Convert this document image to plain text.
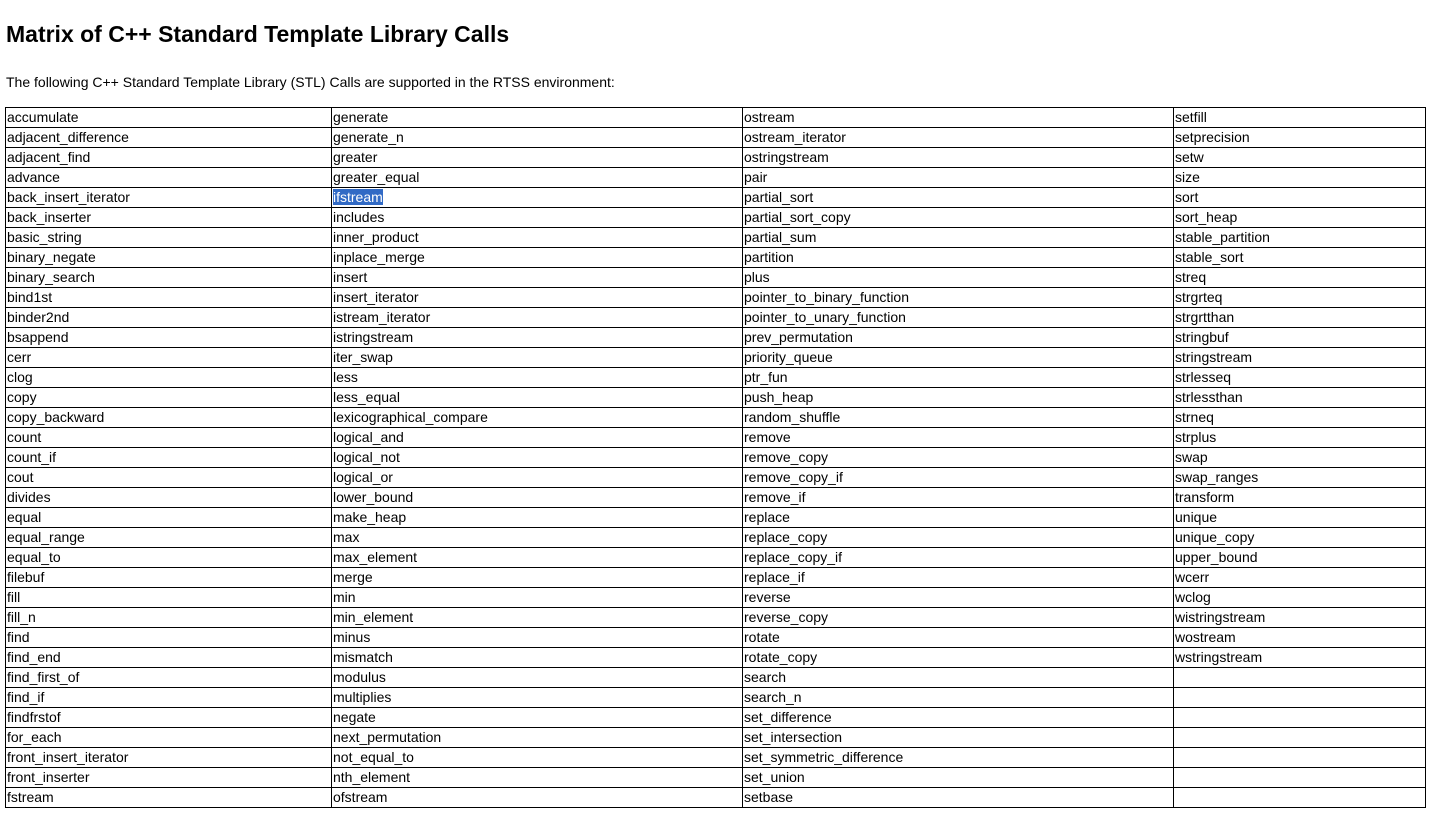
Matrix of C++ Standard Template Library Calls

The following C++ Standard Template Library (STL) Calls are supported in the RTSS environment:

accumulate	generate	ostream	setfill
adjacent_difference	generate_n	ostream_iterator	setprecision
adjacent_find	greater	ostringstream	setw
advance	greater_equal	pair	size
back_insert_iterator	ifstream	partial_sort	sort
back_inserter	includes	partial_sort_copy	sort_heap
basic_string	inner_product	partial_sum	stable_partition
binary_negate	inplace_merge	partition	stable_sort
binary_search	insert	plus	streq
bind1st	insert_iterator	pointer_to_binary_function	strgrteq
binder2nd	istream_iterator	pointer_to_unary_function	strgrtthan
bsappend	istringstream	prev_permutation	stringbuf
cerr	iter_swap	priority_queue	stringstream
clog	less	ptr_fun	strlesseq
copy	less_equal	push_heap	strlessthan
copy_backward	lexicographical_compare	random_shuffle	strneq
count	logical_and	remove	strplus
count_if	logical_not	remove_copy	swap
cout	logical_or	remove_copy_if	swap_ranges
divides	lower_bound	remove_if	transform
equal	make_heap	replace	unique
equal_range	max	replace_copy	unique_copy
equal_to	max_element	replace_copy_if	upper_bound
filebuf	merge	replace_if	wcerr
fill	min	reverse	wclog
fill_n	min_element	reverse_copy	wistringstream
find	minus	rotate	wostream
find_end	mismatch	rotate_copy	wstringstream
find_first_of	modulus	search	
find_if	multiplies	search_n	
findfrstof	negate	set_difference	
for_each	next_permutation	set_intersection	
front_insert_iterator	not_equal_to	set_symmetric_difference	
front_inserter	nth_element	set_union	
fstream	ofstream	setbase	
